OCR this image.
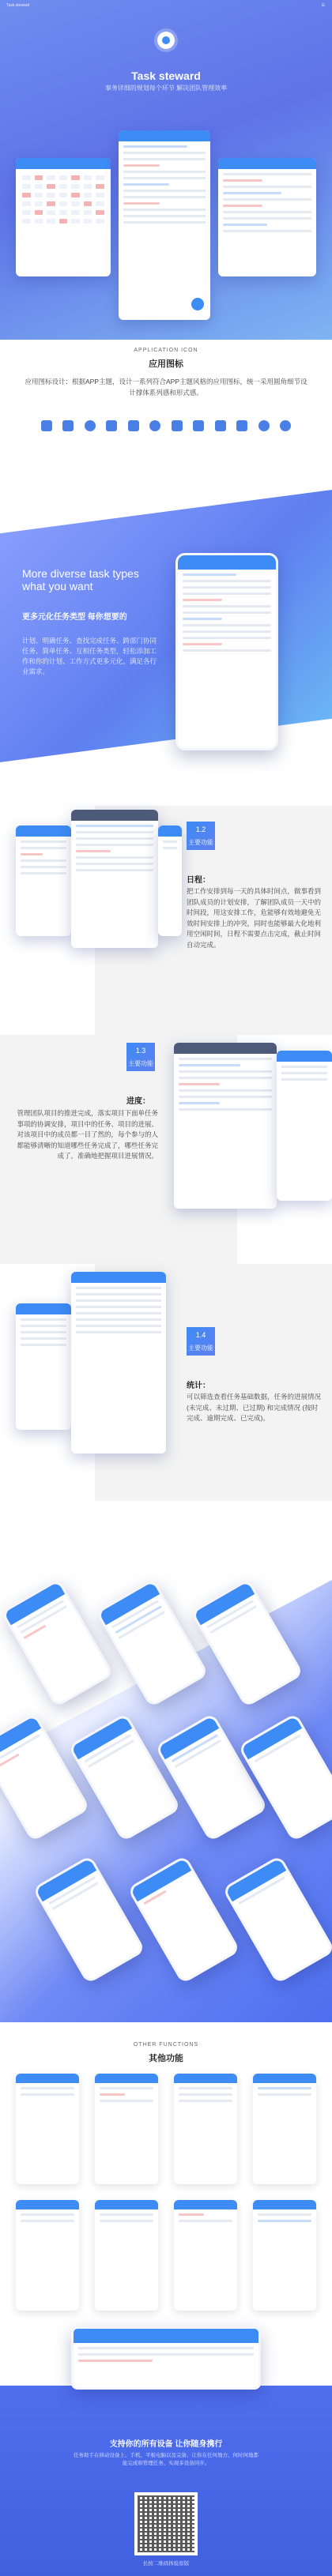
Task steward	☰
Task steward
事务详细的规划每个环节 解决团队管理效率
APPLICATION ICON
应用图标
应用图标设计：根据APP主题，设计一系列符合APP主题风格的应用图标，统一采用圆角细节设计撑体系列感和形式感。
More diverse task types what you want
更多元化任务类型 每你想要的
计划、明确任务、查找完成任务、跨部门协同任务、简单任务、互相任务类型，轻松添加工作和你的计划、工作方式更多元化，满足各行业需求。
1.2
主要功能
日程：
把工作安排到每一天的具体时间点，做事看到团队成员的计划安排，了解团队成员一天中的时间段，用这安排工作，危能够有效地避免无效时间安排上的冲突，同时也能够最大化地利用空闲时间，日程不需要点击完成，截止时间自动完成。
1.3
主要功能
进度：
管理团队项目的推进完成，落实项目下面单任务事项的协调安排，项目中的任务、项目的进展、对该项目中的成员都一目了然的，每个参与的人都能够清晰的知道哪些任务完成了，哪些任务完成了，准确地把握项目进展情况。
1.4
主要功能
统计：
可以筛选查看任务基础数据，任务的进展情况 (未完成、未过期、已过期) 和完成情况 (按时完成、逾期完成、已完成)。
OTHER FUNCTIONS
其他功能
支持你的所有设备 让你随身携行
任务助手在移动设备上、手机、平板电脑以及完备、让你在任何地方、何时何地都能完成和管理任务、实现多设备同步。
长按二维码体验原版
